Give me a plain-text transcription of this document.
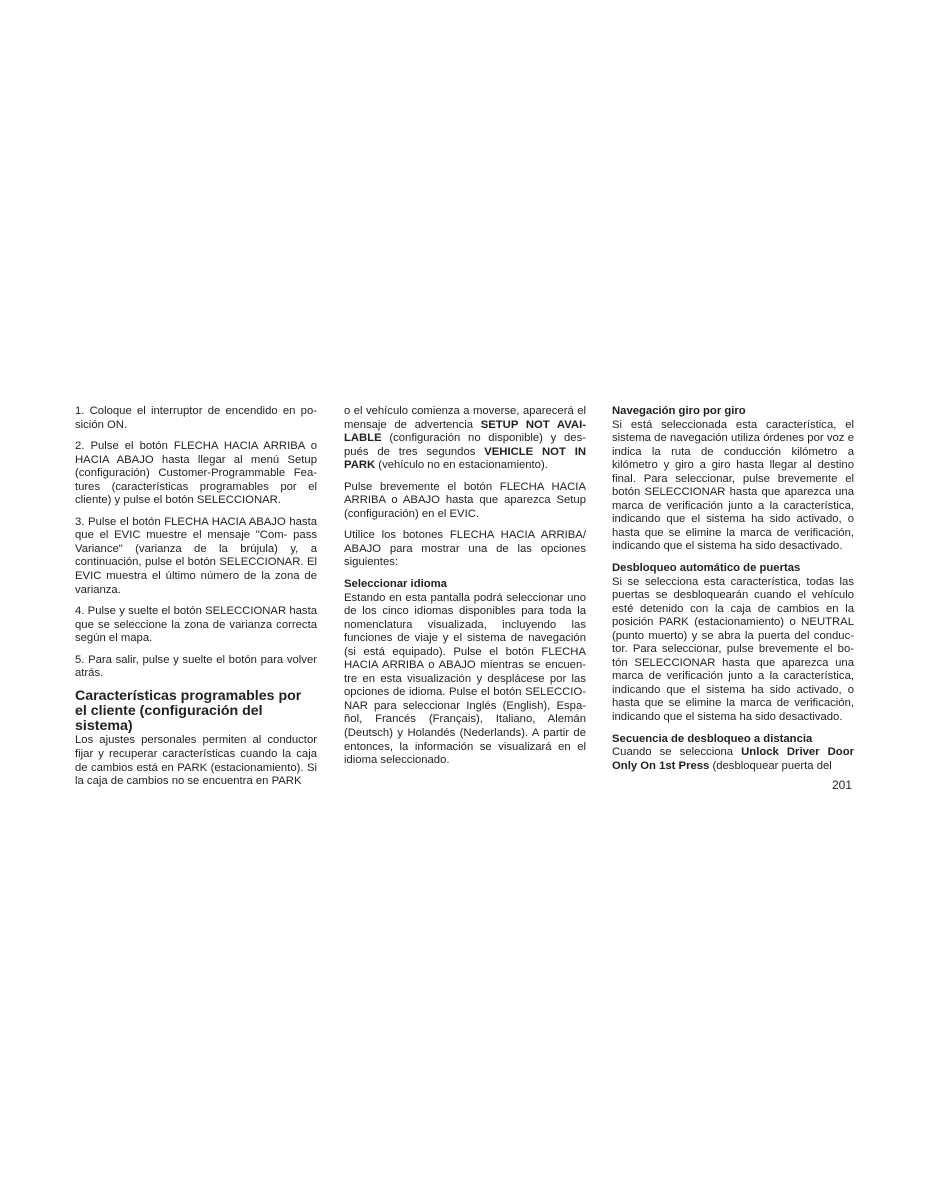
1. Coloque el interruptor de encendido en po- sición ON.

2. Pulse el botón FLECHA HACIA ARRIBA o HACIA ABAJO hasta llegar al menú Setup (configuración) Customer-Programmable Fea- tures (características programables por el cliente) y pulse el botón SELECCIONAR.

3. Pulse el botón FLECHA HACIA ABAJO hasta que el EVIC muestre el mensaje "Com- pass Variance" (varianza de la brújula) y, a continuación, pulse el botón SELECCIONAR. El EVIC muestra el último número de la zona de varianza.

4. Pulse y suelte el botón SELECCIONAR hasta que se seleccione la zona de varianza correcta según el mapa.

5. Para salir, pulse y suelte el botón para volver atrás.

Características programables por el cliente (configuración del sistema)

Los ajustes personales permiten al conductor fijar y recuperar características cuando la caja de cambios está en PARK (estacionamiento). Si la caja de cambios no se encuentra en PARK

o el vehículo comienza a moverse, aparecerá el mensaje de advertencia SETUP NOT AVAI- LABLE (configuración no disponible) y des- pués de tres segundos VEHICLE NOT IN PARK (vehículo no en estacionamiento).

Pulse brevemente el botón FLECHA HACIA ARRIBA o ABAJO hasta que aparezca Setup (configuración) en el EVIC.

Utilice los botones FLECHA HACIA ARRIBA/ ABAJO para mostrar una de las opciones siguientes:

Seleccionar idioma

Estando en esta pantalla podrá seleccionar uno de los cinco idiomas disponibles para toda la nomenclatura visualizada, incluyendo las funciones de viaje y el sistema de navegación (si está equipado). Pulse el botón FLECHA HACIA ARRIBA o ABAJO mientras se encuen- tre en esta visualización y desplácese por las opciones de idioma. Pulse el botón SELECCIO- NAR para seleccionar Inglés (English), Espa- ñol, Francés (Français), Italiano, Alemán (Deutsch) y Holandés (Nederlands). A partir de entonces, la información se visualizará en el idioma seleccionado.

Navegación giro por giro

Si está seleccionada esta característica, el sistema de navegación utiliza órdenes por voz e indica la ruta de conducción kilómetro a kilómetro y giro a giro hasta llegar al destino final. Para seleccionar, pulse brevemente el botón SELECCIONAR hasta que aparezca una marca de verificación junto a la característica, indicando que el sistema ha sido activado, o hasta que se elimine la marca de verificación, indicando que el sistema ha sido desactivado.

Desbloqueo automático de puertas

Si se selecciona esta característica, todas las puertas se desbloquearán cuando el vehículo esté detenido con la caja de cambios en la posición PARK (estacionamiento) o NEUTRAL (punto muerto) y se abra la puerta del conduc- tor. Para seleccionar, pulse brevemente el bo- tón SELECCIONAR hasta que aparezca una marca de verificación junto a la característica, indicando que el sistema ha sido activado, o hasta que se elimine la marca de verificación, indicando que el sistema ha sido desactivado.

Secuencia de desbloqueo a distancia

Cuando se selecciona Unlock Driver Door Only On 1st Press (desbloquear puerta del

201
